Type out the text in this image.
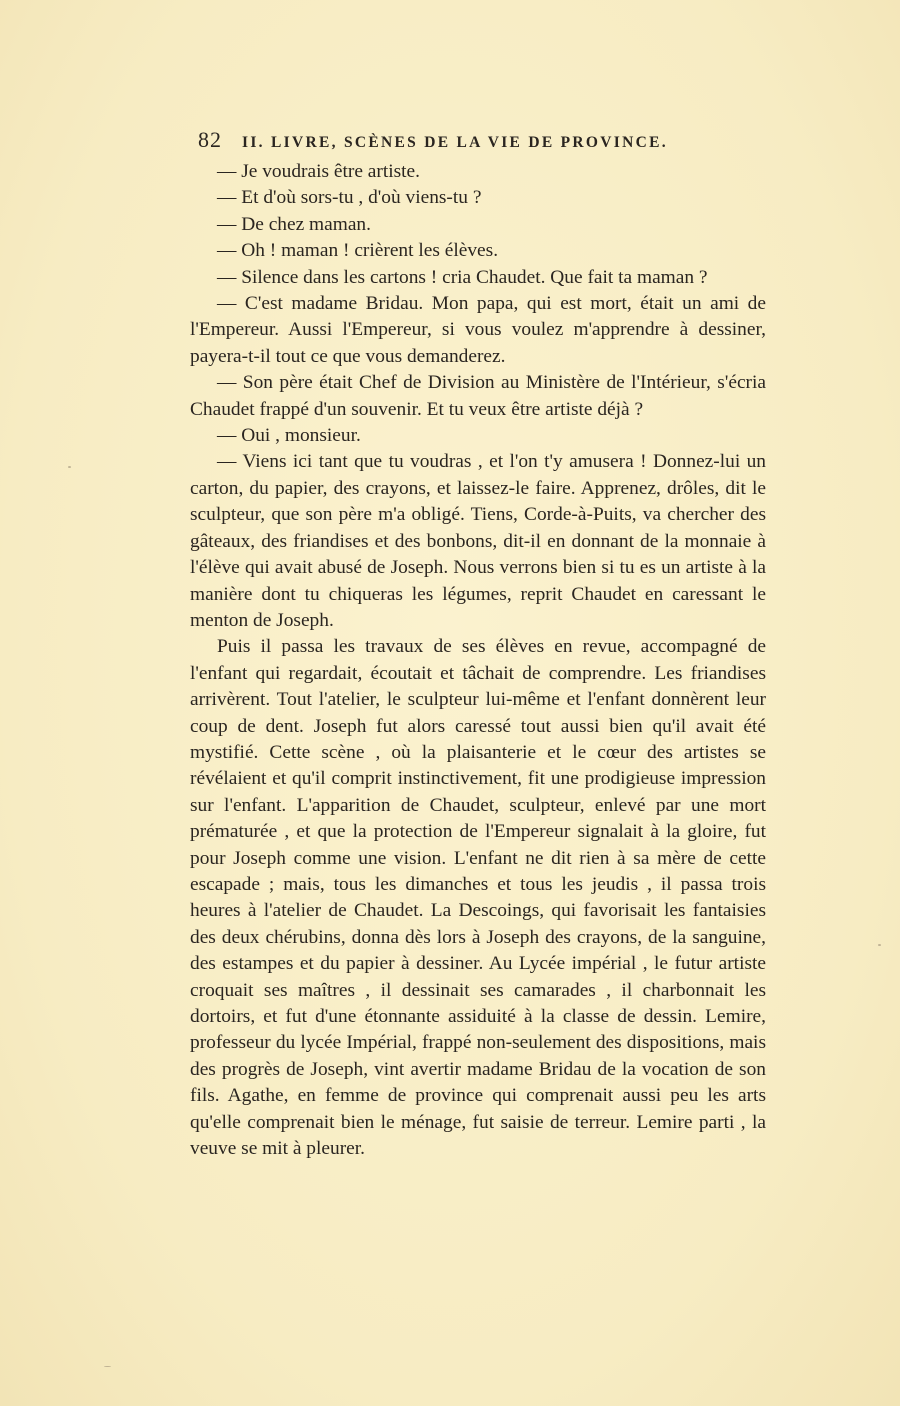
82 II. LIVRE, SCÈNES DE LA VIE DE PROVINCE.

— Je voudrais être artiste.

— Et d'où sors-tu , d'où viens-tu ?

— De chez maman.

— Oh ! maman ! crièrent les élèves.

— Silence dans les cartons ! cria Chaudet. Que fait ta maman ?

— C'est madame Bridau. Mon papa, qui est mort, était un ami de l'Empereur. Aussi l'Empereur, si vous voulez m'apprendre à dessiner, payera-t-il tout ce que vous demanderez.

— Son père était Chef de Division au Ministère de l'Intérieur, s'écria Chaudet frappé d'un souvenir. Et tu veux être artiste déjà ?

— Oui , monsieur.

— Viens ici tant que tu voudras , et l'on t'y amusera ! Donnez-lui un carton, du papier, des crayons, et laissez-le faire. Apprenez, drôles, dit le sculpteur, que son père m'a obligé. Tiens, Corde-à-Puits, va chercher des gâteaux, des friandises et des bonbons, dit-il en donnant de la monnaie à l'élève qui avait abusé de Joseph. Nous verrons bien si tu es un artiste à la manière dont tu chiqueras les légumes, reprit Chaudet en caressant le menton de Joseph.

Puis il passa les travaux de ses élèves en revue, accompagné de l'enfant qui regardait, écoutait et tâchait de comprendre. Les friandises arrivèrent. Tout l'atelier, le sculpteur lui-même et l'enfant donnèrent leur coup de dent. Joseph fut alors caressé tout aussi bien qu'il avait été mystifié. Cette scène , où la plaisanterie et le cœur des artistes se révélaient et qu'il comprit instinctivement, fit une prodigieuse impression sur l'enfant. L'apparition de Chaudet, sculpteur, enlevé par une mort prématurée , et que la protection de l'Empereur signalait à la gloire, fut pour Joseph comme une vision. L'enfant ne dit rien à sa mère de cette escapade ; mais, tous les dimanches et tous les jeudis , il passa trois heures à l'atelier de Chaudet. La Descoings, qui favorisait les fantaisies des deux chérubins, donna dès lors à Joseph des crayons, de la sanguine, des estampes et du papier à dessiner. Au Lycée impérial , le futur artiste croquait ses maîtres , il dessinait ses camarades , il charbonnait les dortoirs, et fut d'une étonnante assiduité à la classe de dessin. Lemire, professeur du lycée Impérial, frappé non-seulement des dispositions, mais des progrès de Joseph, vint avertir madame Bridau de la vocation de son fils. Agathe, en femme de province qui comprenait aussi peu les arts qu'elle comprenait bien le ménage, fut saisie de terreur. Lemire parti , la veuve se mit à pleurer.
